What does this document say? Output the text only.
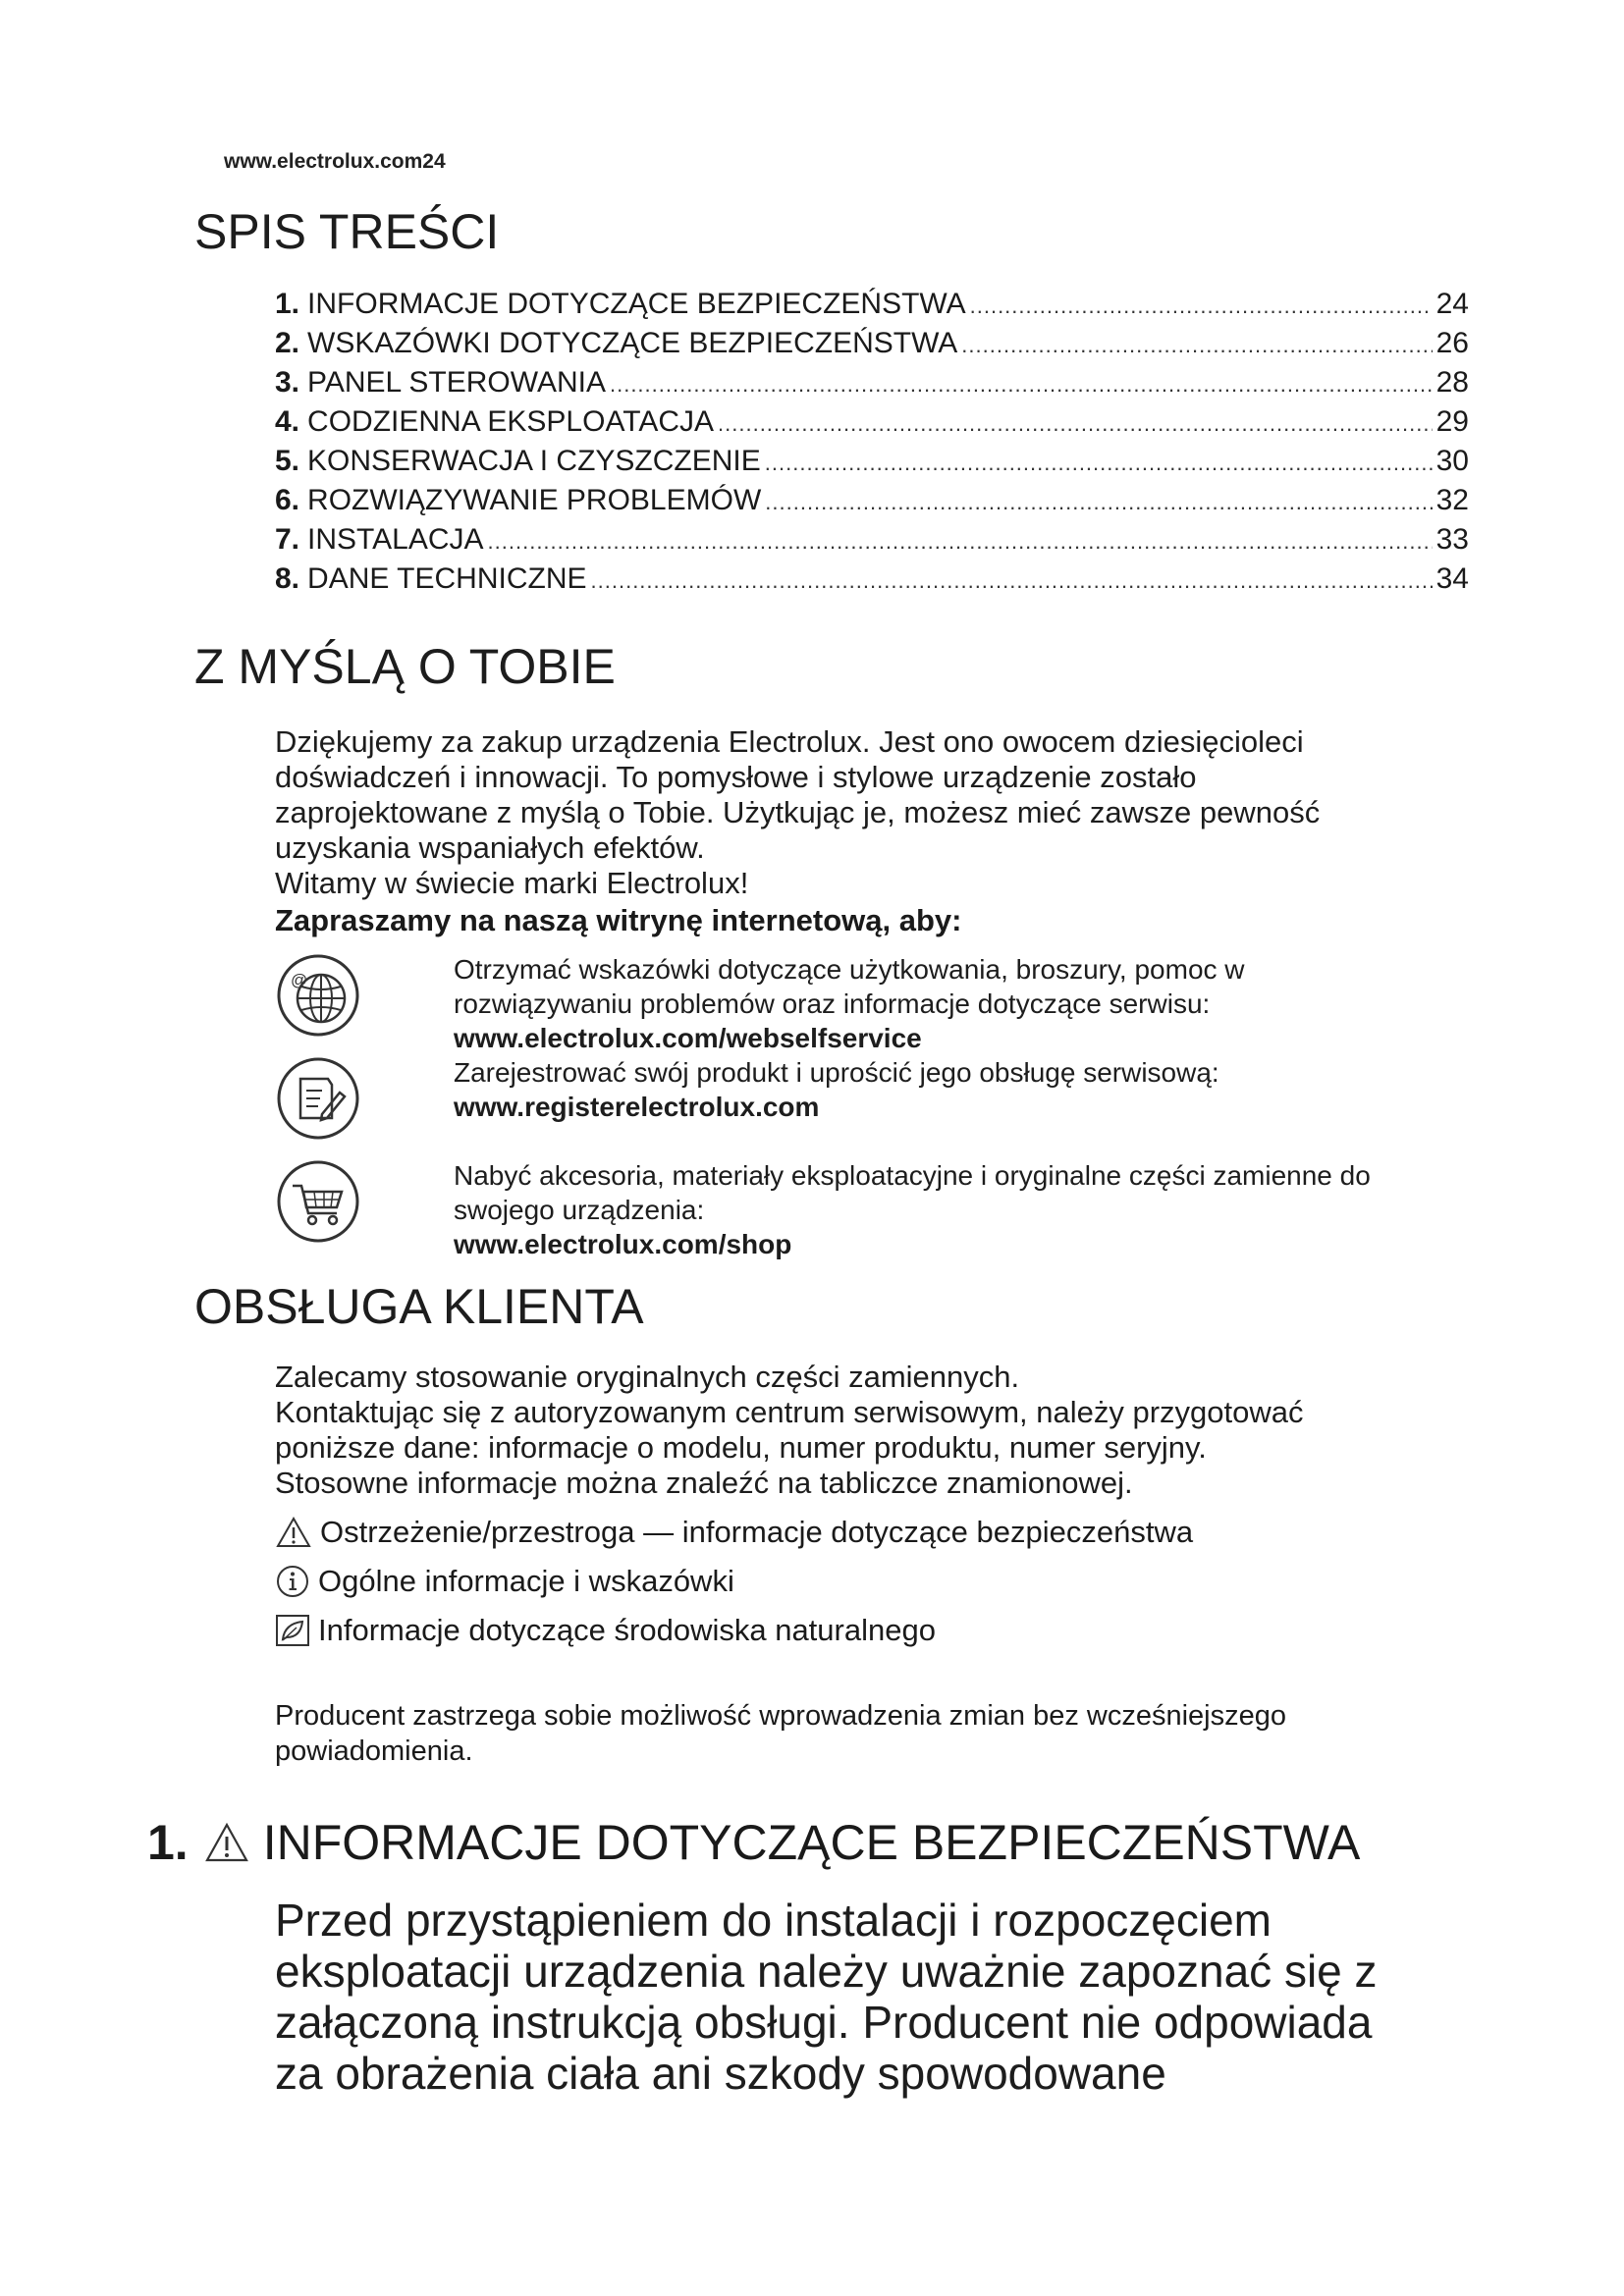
www.electrolux.com24
SPIS TREŚCI
1. INFORMACJE DOTYCZĄCE BEZPIECZEŃSTWA .....	24
2. WSKAZÓWKI DOTYCZĄCE BEZPIECZEŃSTWA .....	26
3. PANEL STEROWANIA .....	28
4. CODZIENNA EKSPLOATACJA .....	29
5. KONSERWACJA I CZYSZCZENIE .....	30
6. ROZWIĄZYWANIE PROBLEMÓW .....	32
7. INSTALACJA .....	33
8. DANE TECHNICZNE .....	34
Z MYŚLĄ O TOBIE

Dziękujemy za zakup urządzenia Electrolux. Jest ono owocem dziesięcioleci

doświadczeń i innowacji. To pomysłowe i stylowe urządzenie zostało

zaprojektowane z myślą o Tobie. Użytkując je, możesz mieć zawsze pewność

uzyskania wspaniałych efektów.

Witamy w świecie marki Electrolux!

Zapraszamy na naszą witrynę internetową, aby:
@	Otrzymać wskazówki dotyczące użytkowania, broszury, pomoc w
rozwiązywaniu problemów oraz informacje dotyczące serwisu:
www.electrolux.com/webselfservice
Zarejestrować swój produkt i uprościć jego obsługę serwisową:
www.registerelectrolux.com
Nabyć akcesoria, materiały eksploatacyjne i oryginalne części zamienne do
swojego urządzenia:
www.electrolux.com/shop
OBSŁUGA KLIENTA

Zalecamy stosowanie oryginalnych części zamiennych.

Kontaktując się z autoryzowanym centrum serwisowym, należy przygotować

poniższe dane: informacje o modelu, numer produktu, numer seryjny.

Stosowne informacje można znaleźć na tabliczce znamionowej.

Ostrzeżenie/przestroga — informacje dotyczące bezpieczeństwa
Ogólne informacje i wskazówki
Informacje dotyczące środowiska naturalnego

Producent zastrzega sobie możliwość wprowadzenia zmian bez wcześniejszego

powiadomienia.

1. INFORMACJE DOTYCZĄCE BEZPIECZEŃSTWA

Przed przystąpieniem do instalacji i rozpoczęciem

eksploatacji urządzenia należy uważnie zapoznać się z

załączoną instrukcją obsługi. Producent nie odpowiada

za obrażenia ciała ani szkody spowodowane
